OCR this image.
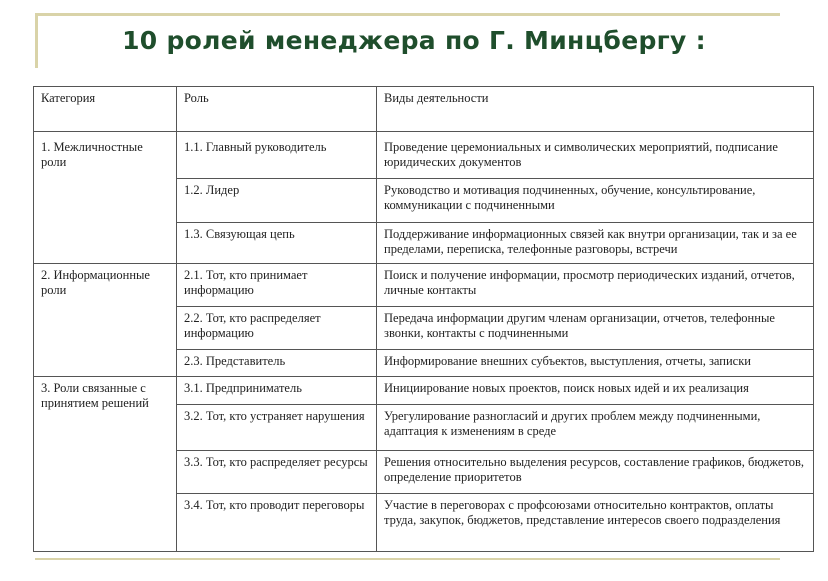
10 ролей менеджера по Г. Минцбергу :
Категория	Роль	Виды деятельности
1. Межличностные роли	1.1. Главный руководитель	Проведение церемониальных и символических мероприятий, подписание юридических документов
	1.2. Лидер	Руководство и мотивация подчиненных, обучение, консультирование, коммуникации с подчиненными
	1.3. Связующая цепь	Поддерживание информационных связей как внутри организации, так и за ее пределами, переписка, телефонные разговоры, встречи
2. Информационные роли	2.1. Тот, кто принимает информацию	Поиск и получение информации, просмотр периодических изданий, отчетов, личные контакты
	2.2. Тот, кто распределяет информацию	Передача информации другим членам организации, отчетов, телефонные звонки, контакты с подчиненными
	2.3. Представитель	Информирование внешних субъектов, выступления, отчеты, записки
3. Роли связанные с принятием решений	3.1. Предприниматель	Инициирование новых проектов, поиск новых идей и их реализация
	3.2. Тот, кто устраняет нарушения	Урегулирование разногласий и других проблем между подчиненными, адаптация к изменениям в среде
	3.3. Тот, кто распределяет ресурсы	Решения относительно выделения ресурсов, составление графиков, бюджетов, определение приоритетов
	3.4. Тот, кто проводит переговоры	Участие в переговорах с профсоюзами относительно контрактов, оплаты труда, закупок, бюджетов, представление интересов своего подразделения
